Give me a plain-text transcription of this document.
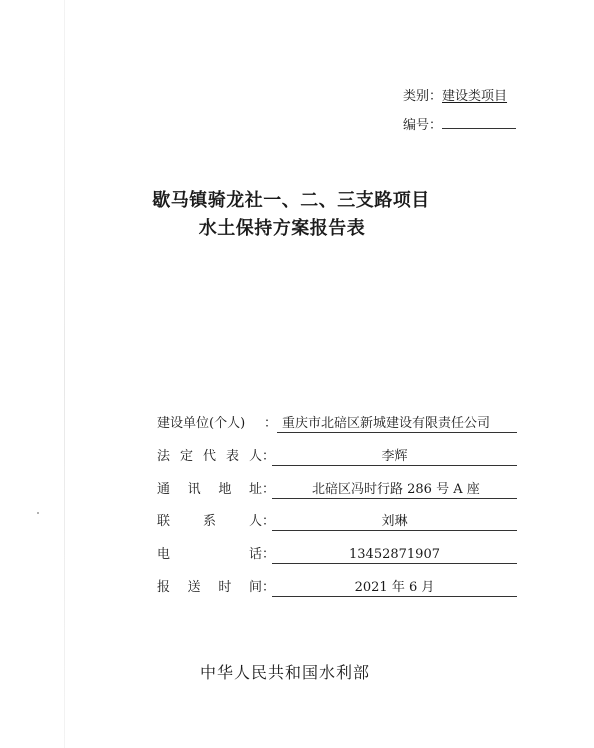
类别：建设类项目
编号：
歇马镇骑龙社一、二、三支路项目
水土保持方案报告表
建设单位(个人)	： 重庆市北碚区新城建设有限责任公司
法 定 代 表 人 ：	李辉
通 讯 地 址 ：	北碚区冯时行路 286 号 A 座
联	系	人 ：	刘琳
电	话 ：	13452871907
报 送 时 间 ：	2021 年 6 月
中华人民共和国水利部
